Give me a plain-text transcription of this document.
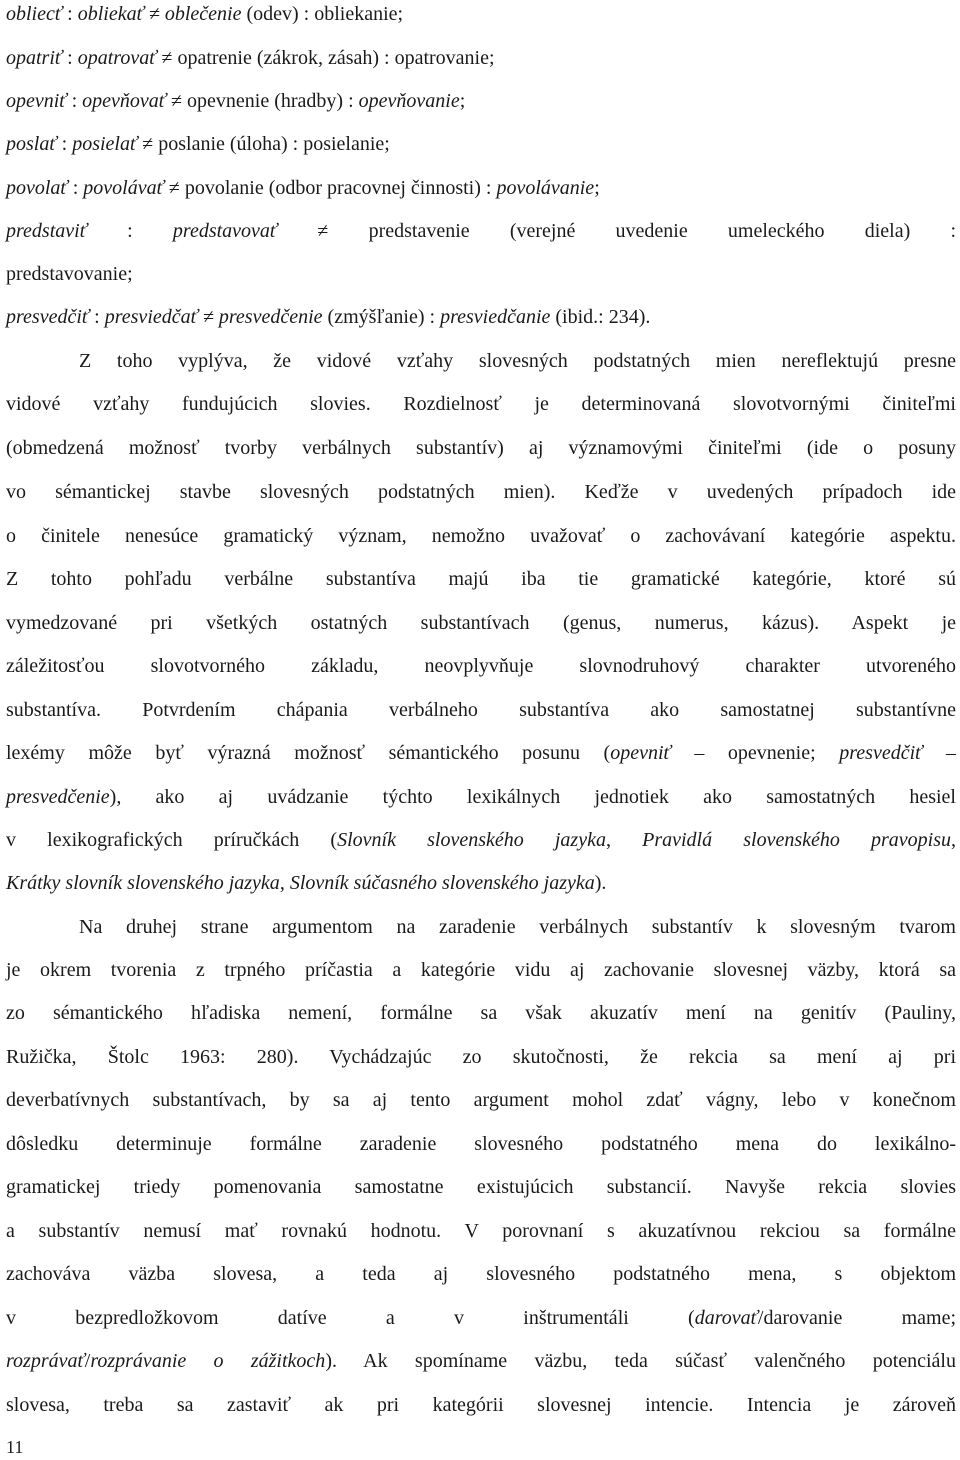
obliecť : obliekať ≠ oblečenie (odev) : obliekanie;
opatriť : opatrovať ≠ opatrenie (zákrok, zásah) : opatrovanie;
opevniť : opevňovať ≠ opevnenie (hradby) : opevňovanie;
poslať : posielať ≠ poslanie (úloha) : posielanie;
povolať : povolávať ≠ povolanie (odbor pracovnej činnosti) : povolávanie;
predstaviť : predstavovať ≠ predstavenie (verejné uvedenie umeleckého diela) :
predstavovanie;
presvedčiť : presviedčať ≠ presvedčenie (zmýšľanie) : presviedčanie (ibid.: 234).
Z toho vyplýva, že vidové vzťahy slovesných podstatných mien nereflektujú presne
vidové vzťahy fundujúcich slovies. Rozdielnosť je determinovaná slovotvornými činiteľmi
(obmedzená možnosť tvorby verbálnych substantív) aj významovými činiteľmi (ide o posuny
vo sémantickej stavbe slovesných podstatných mien). Keďže v uvedených prípadoch ide
o činitele nenesúce gramatický význam, nemožno uvažovať o zachovávaní kategórie aspektu.
Z tohto pohľadu verbálne substantíva majú iba tie gramatické kategórie, ktoré sú
vymedzované pri všetkých ostatných substantívach (genus, numerus, kázus). Aspekt je
záležitosťou slovotvorného základu, neovplyvňuje slovnodruhový charakter utvoreného
substantíva. Potvrdením chápania verbálneho substantíva ako samostatnej substantívne
lexémy môže byť výrazná možnosť sémantického posunu (opevniť – opevnenie; presvedčiť –
presvedčenie), ako aj uvádzanie týchto lexikálnych jednotiek ako samostatných hesiel
v lexikografických príručkách (Slovník slovenského jazyka, Pravidlá slovenského pravopisu,
Krátky slovník slovenského jazyka, Slovník súčasného slovenského jazyka).
Na druhej strane argumentom na zaradenie verbálnych substantív k slovesným tvarom
je okrem tvorenia z trpného príčastia a kategórie vidu aj zachovanie slovesnej väzby, ktorá sa
zo sémantického hľadiska nemení, formálne sa však akuzatív mení na genitív (Pauliny,
Ružička, Štolc 1963: 280). Vychádzajúc zo skutočnosti, že rekcia sa mení aj pri
deverbatívnych substantívach, by sa aj tento argument mohol zdať vágny, lebo v konečnom
dôsledku determinuje formálne zaradenie slovesného podstatného mena do lexikálno-
gramatickej triedy pomenovania samostatne existujúcich substancií. Navyše rekcia slovies
a substantív nemusí mať rovnakú hodnotu. V porovnaní s akuzatívnou rekciou sa formálne
zachováva väzba slovesa, a teda aj slovesného podstatného mena, s objektom
v bezpredložkovom datíve a v inštrumentáli (darovať/darovanie mame;
rozprávať/rozprávanie o zážitkoch). Ak spomíname väzbu, teda súčasť valenčného potenciálu
slovesa, treba sa zastaviť ak pri kategórii slovesnej intencie. Intencia je zároveň
11
